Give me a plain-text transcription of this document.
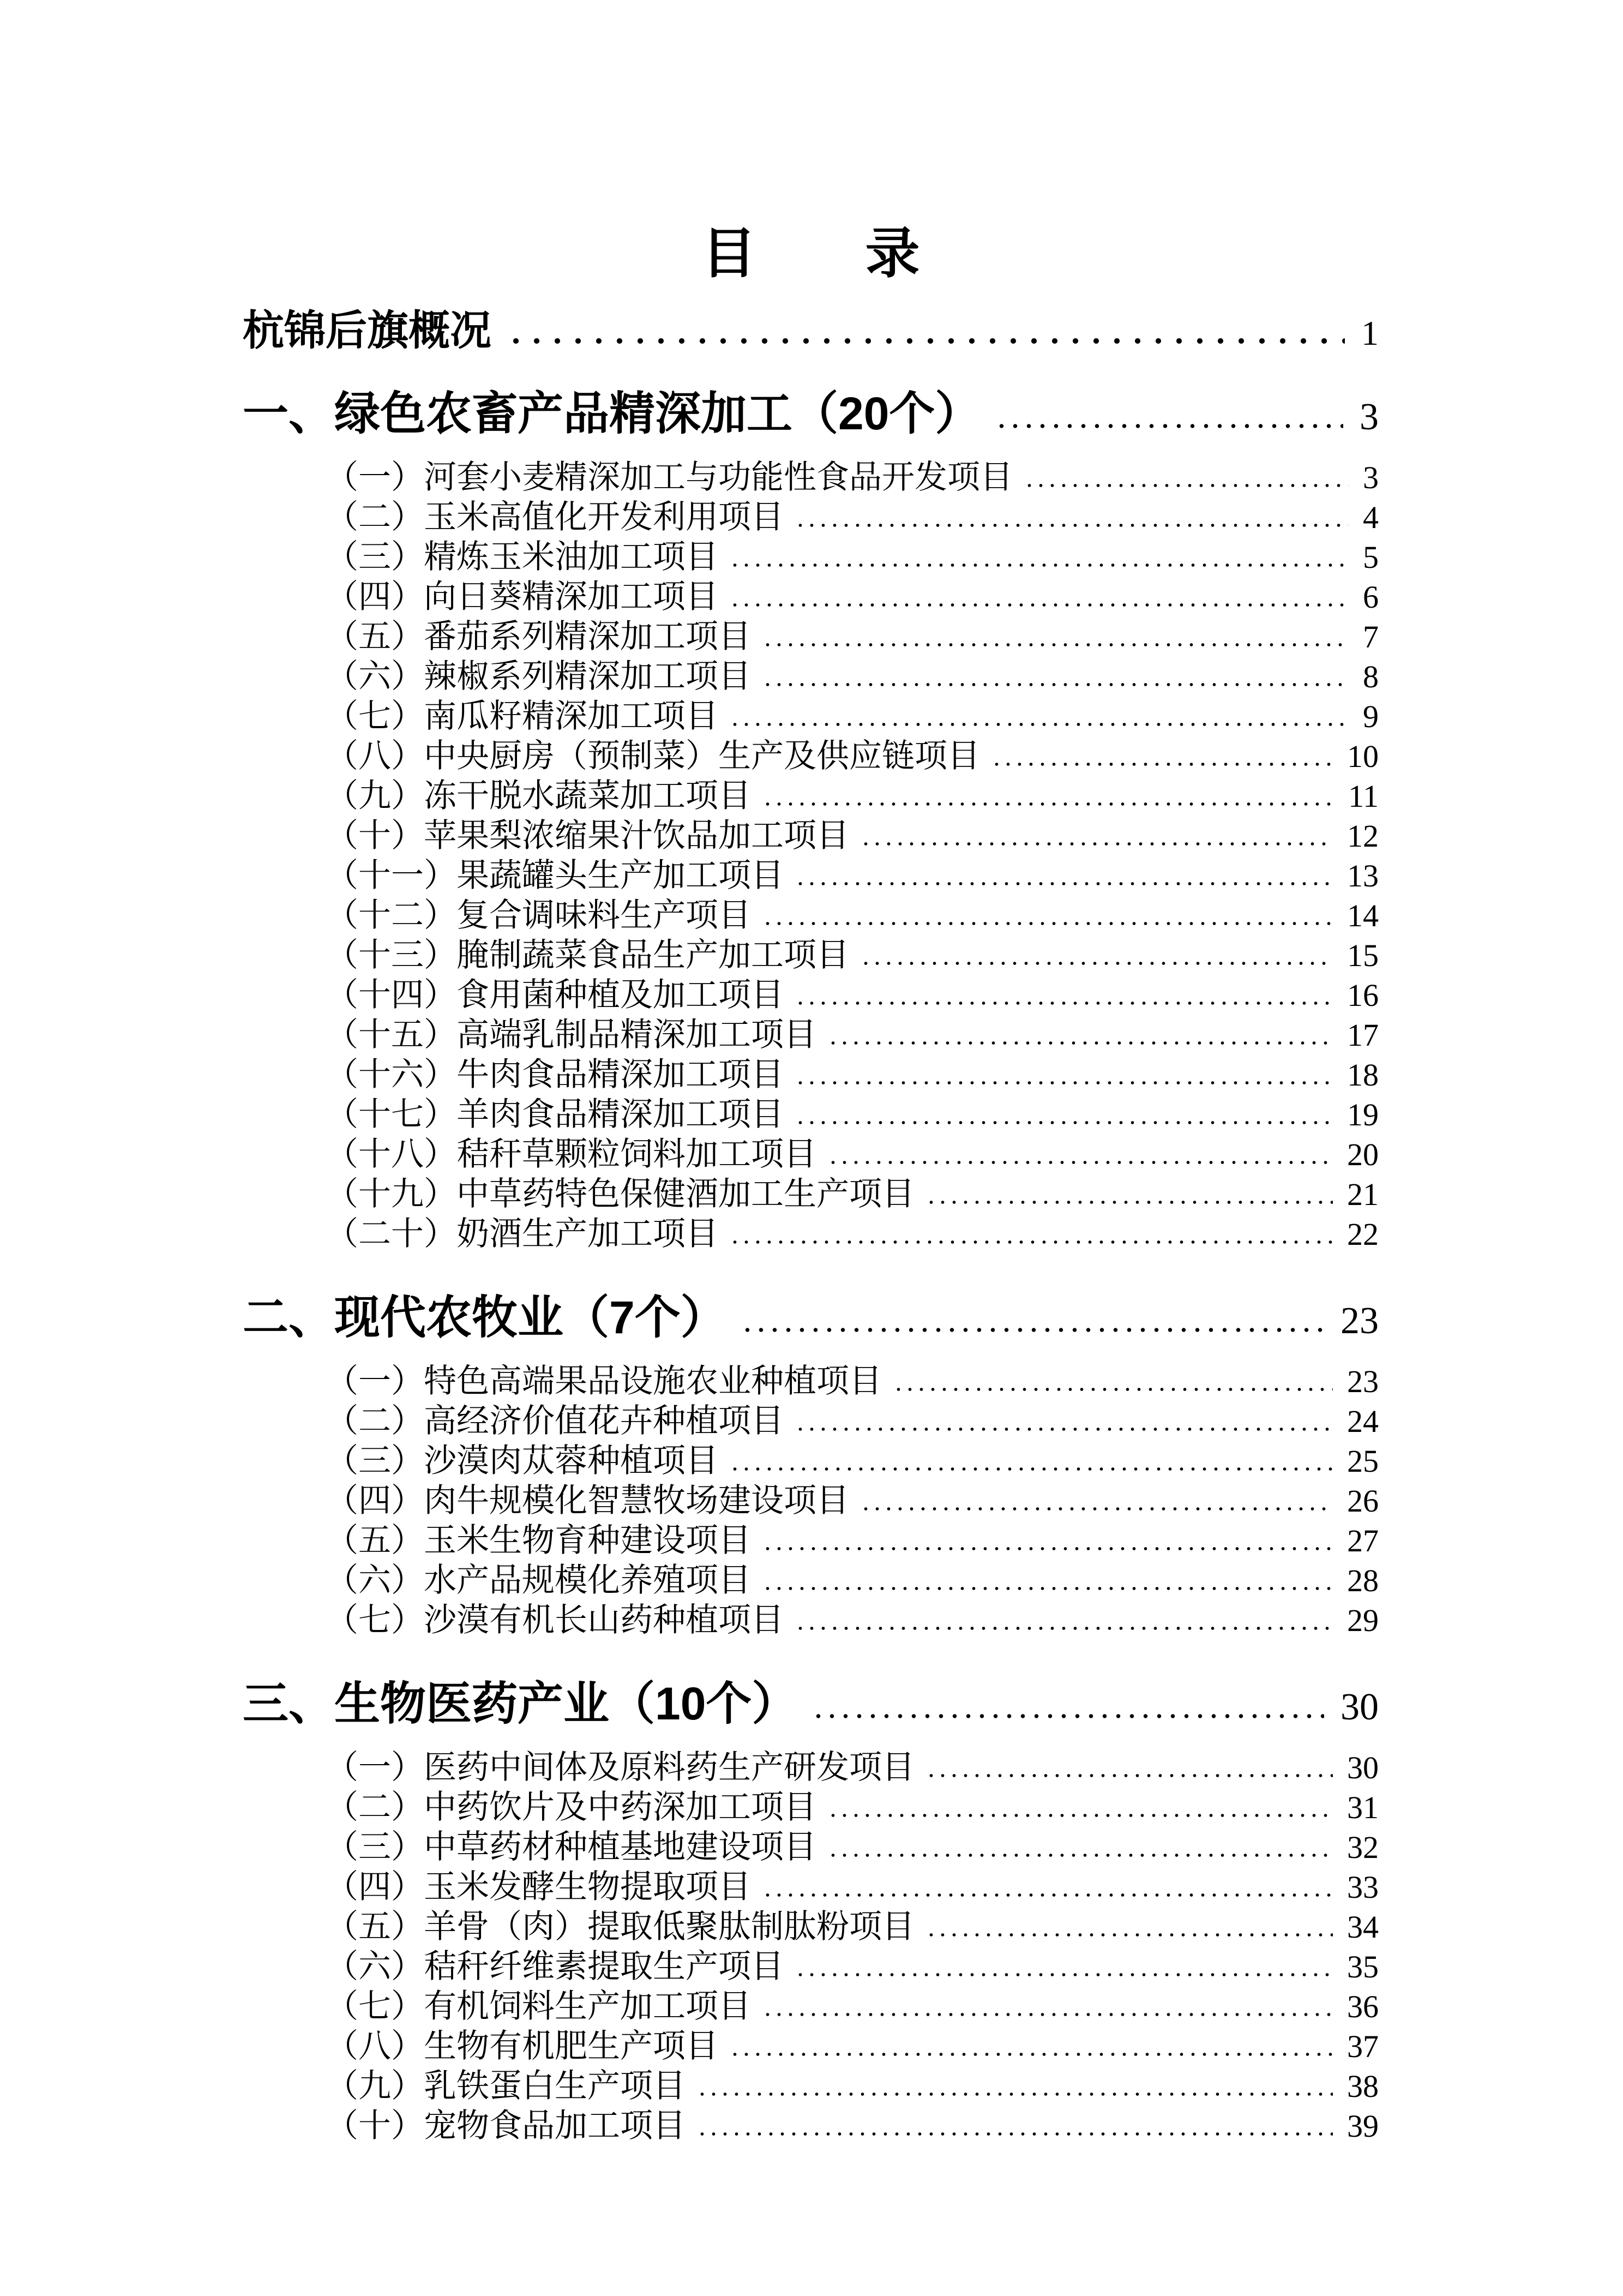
目　　录
杭锦后旗概况	1
一、绿色农畜产品精深加工（20个）	3
（一）河套小麦精深加工与功能性食品开发项目	3
（二）玉米高值化开发利用项目	4
（三）精炼玉米油加工项目	5
（四）向日葵精深加工项目	6
（五）番茄系列精深加工项目	7
（六）辣椒系列精深加工项目	8
（七）南瓜籽精深加工项目	9
（八）中央厨房（预制菜）生产及供应链项目	10
（九）冻干脱水蔬菜加工项目	11
（十）苹果梨浓缩果汁饮品加工项目	12
（十一）果蔬罐头生产加工项目	13
（十二）复合调味料生产项目	14
（十三）腌制蔬菜食品生产加工项目	15
（十四）食用菌种植及加工项目	16
（十五）高端乳制品精深加工项目	17
（十六）牛肉食品精深加工项目	18
（十七）羊肉食品精深加工项目	19
（十八）秸秆草颗粒饲料加工项目	20
（十九）中草药特色保健酒加工生产项目	21
（二十）奶酒生产加工项目	22
二、现代农牧业（7个）	23
（一）特色高端果品设施农业种植项目	23
（二）高经济价值花卉种植项目	24
（三）沙漠肉苁蓉种植项目	25
（四）肉牛规模化智慧牧场建设项目	26
（五）玉米生物育种建设项目	27
（六）水产品规模化养殖项目	28
（七）沙漠有机长山药种植项目	29
三、生物医药产业（10个）	30
（一）医药中间体及原料药生产研发项目	30
（二）中药饮片及中药深加工项目	31
（三）中草药材种植基地建设项目	32
（四）玉米发酵生物提取项目	33
（五）羊骨（肉）提取低聚肽制肽粉项目	34
（六）秸秆纤维素提取生产项目	35
（七）有机饲料生产加工项目	36
（八）生物有机肥生产项目	37
（九）乳铁蛋白生产项目	38
（十）宠物食品加工项目	39
